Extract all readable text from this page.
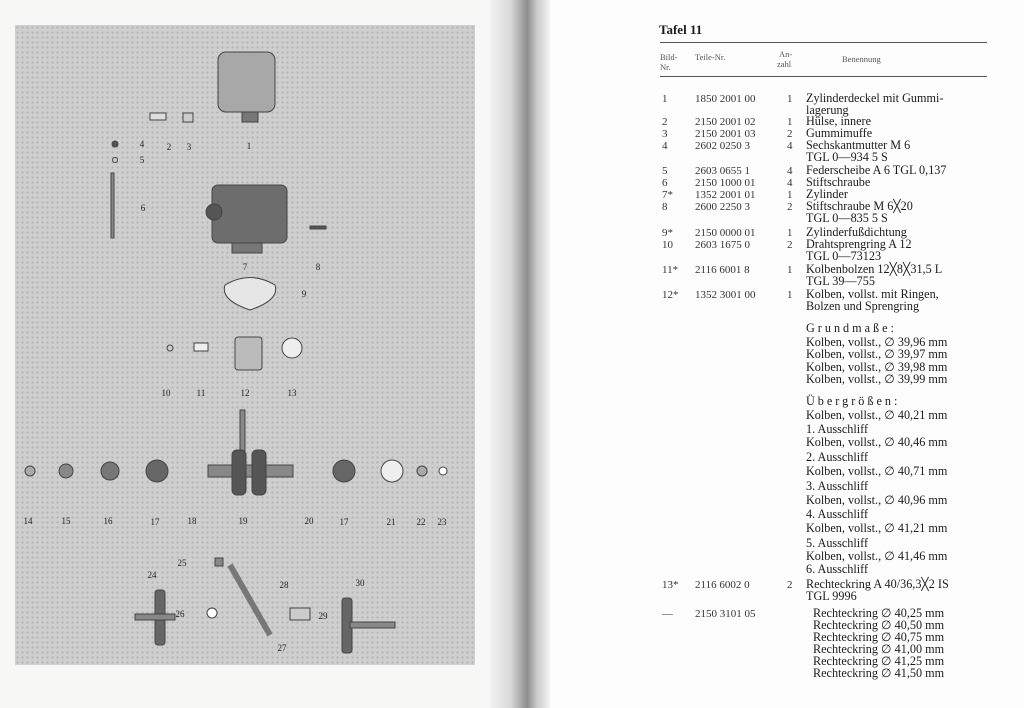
1
2 3
4
5
6
7	8
9
10	11	12	13
14	15	16	17	18	19	20	17	21 22 23
24
25
26
27
28
29
30
Tafel 11
Bild-
Nr.
Teile-Nr.	An-
zahl	Benennung
1	1850 2001 00	1 Zylinderdeckel mit Gummi-
lagerung
2	2150 2001 02	1 Hülse, innere
3	2150 2001 03	2 Gummimuffe
4	2602 0250 3	4 Sechskantmutter M 6
TGL 0—934 5 S
5	2603 0655 1	4 Federscheibe A 6 TGL 0,137
6	2150 1000 01	4 Stiftschraube
7* 1352 2001 01	1 Zylinder
8	2600 2250 3	2 Stiftschraube M 6╳20
TGL 0—835 5 S
9* 2150 0000 01	1 Zylinderfußdichtung
10 2603 1675 0	2 Drahtsprengring A 12
TGL 0—73123
11* 2116 6001 8	1 Kolbenbolzen 12╳8╳31,5 L
TGL 39—755
12* 1352 3001 00	1 Kolben, vollst. mit Ringen,
Bolzen und Sprengring
Grundmaße:
Kolben, vollst., ∅ 39,96 mm
Kolben, vollst., ∅ 39,97 mm
Kolben, vollst., ∅ 39,98 mm
Kolben, vollst., ∅ 39,99 mm
Übergrößen:
Kolben, vollst., ∅ 40,21 mm
1. Ausschliff
Kolben, vollst., ∅ 40,46 mm
2. Ausschliff
Kolben, vollst., ∅ 40,71 mm
3. Ausschliff
Kolben, vollst., ∅ 40,96 mm
4. Ausschliff
Kolben, vollst., ∅ 41,21 mm
5. Ausschliff
Kolben, vollst., ∅ 41,46 mm
6. Ausschliff
13* 2116 6002 0	2 Rechteckring A 40/36,3╳2 IS
TGL 9996
— 2150 3101 05	Rechteckring ∅ 40,25 mm
Rechteckring ∅ 40,50 mm
Rechteckring ∅ 40,75 mm
Rechteckring ∅ 41,00 mm
Rechteckring ∅ 41,25 mm
Rechteckring ∅ 41,50 mm
